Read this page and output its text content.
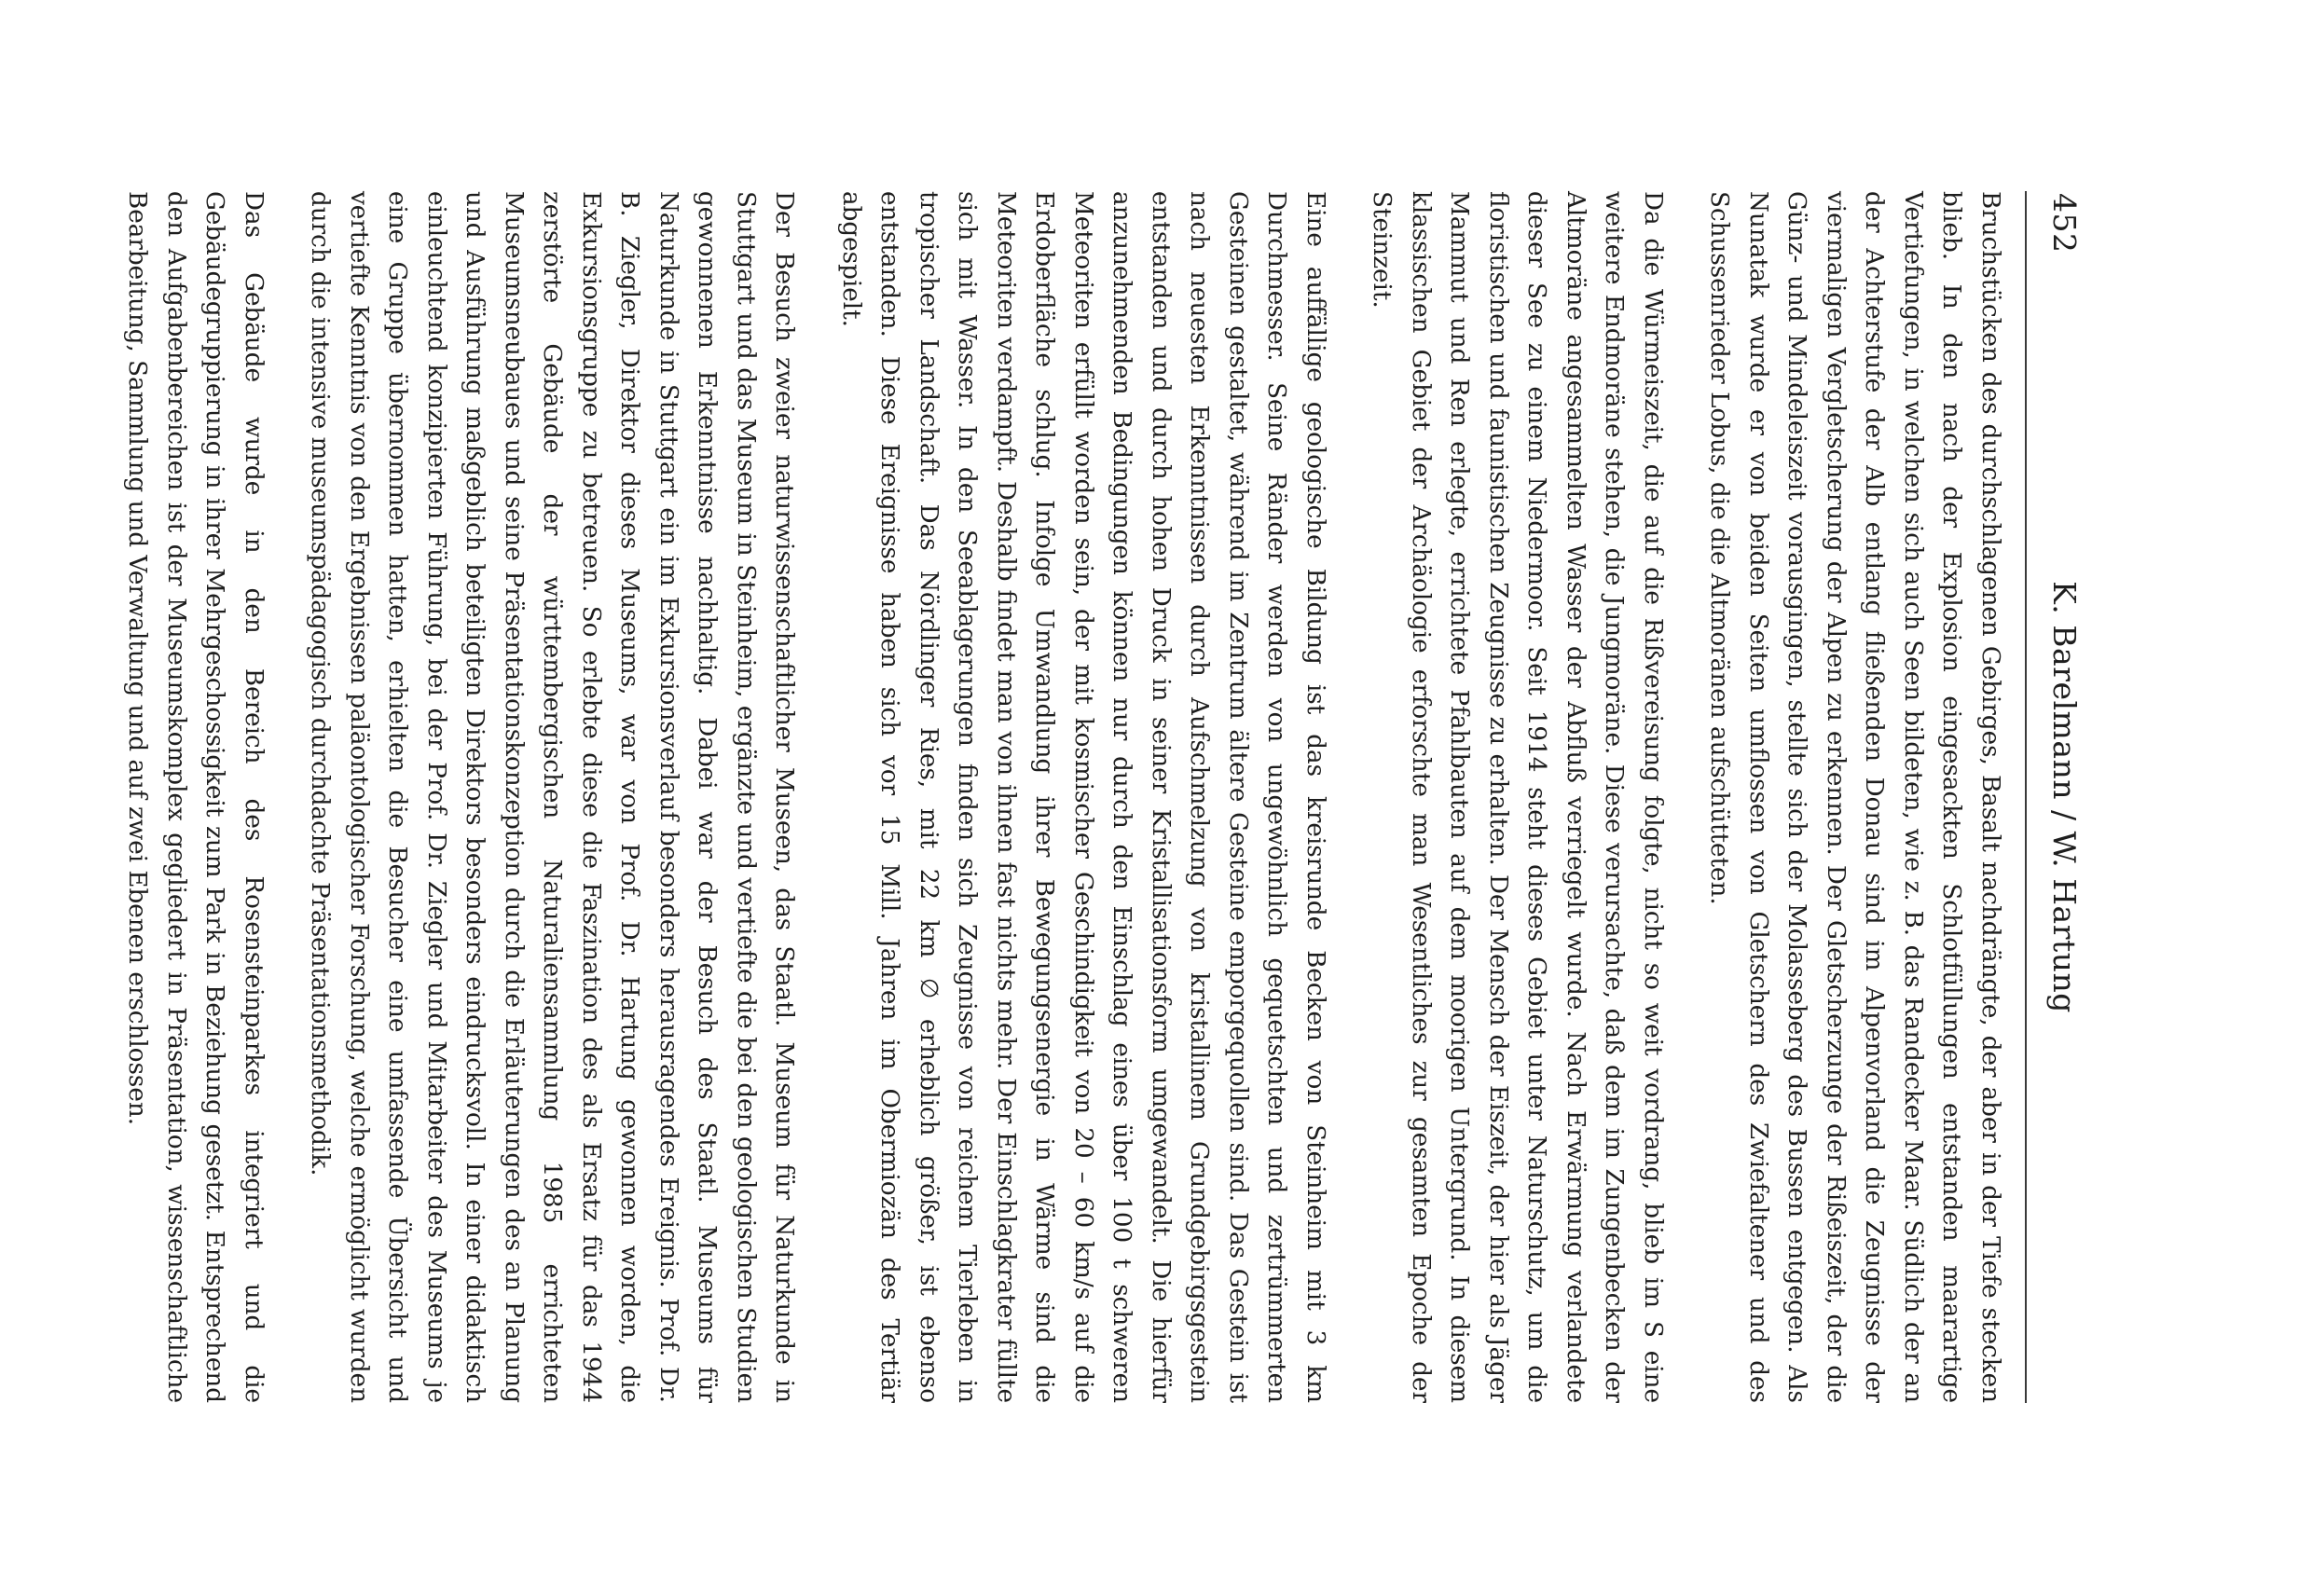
452
K. Barelmann / W. Hartung

Bruchstücken des durchschlagenen Gebirges, Basalt nachdrängte, der aber in der Tiefe stecken blieb. In den nach der Explosion eingesackten Schlotfüllungen entstanden maarartige Vertiefungen, in welchen sich auch Seen bildeten, wie z. B. das Randecker Maar. Südlich der an der Achterstufe der Alb entlang fließenden Donau sind im Alpenvorland die Zeugnisse der viermaligen Vergletscherung der Alpen zu erkennen. Der Gletscherzunge der Rißeiszeit, der die Günz- und Mindeleiszeit vorausgingen, stellte sich der Molasseberg des Bussen entgegen. Als Nunatak wurde er von beiden Seiten umflossen von Gletschern des Zwiefaltener und des Schussenrieder Lobus, die die Altmoränen aufschütteten.

Da die Würmeiszeit, die auf die Rißvereisung folgte, nicht so weit vordrang, blieb im S eine weitere Endmoräne stehen, die Jungmoräne. Diese verursachte, daß dem im Zungenbecken der Altmoräne angesammelten Wasser der Abfluß verriegelt wurde. Nach Erwärmung verlandete dieser See zu einem Niedermoor. Seit 1914 steht dieses Gebiet unter Naturschutz, um die floristischen und faunistischen Zeugnisse zu erhalten. Der Mensch der Eiszeit, der hier als Jäger Mammut und Ren erlegte, errichtete Pfahlbauten auf dem moorigen Untergrund. In diesem klassischen Gebiet der Archäologie erforschte man Wesentliches zur gesamten Epoche der Steinzeit.

Eine auffällige geologische Bildung ist das kreisrunde Becken von Steinheim mit 3 km Durchmesser. Seine Ränder werden von ungewöhnlich gequetschten und zertrümmerten Gesteinen gestaltet, während im Zentrum ältere Gesteine emporgequollen sind. Das Gestein ist nach neuesten Erkenntnissen durch Aufschmelzung von kristallinem Grundgebirgsgestein entstanden und durch hohen Druck in seiner Kristallisationsform umgewandelt. Die hierfür anzunehmenden Bedingungen können nur durch den Einschlag eines über 100 t schweren Meteoriten erfüllt worden sein, der mit kosmischer Geschindigkeit von 20 – 60 km/s auf die Erdoberfläche schlug. Infolge Umwandlung ihrer Bewegungsenergie in Wärme sind die Meteoriten verdampft. Deshalb findet man von ihnen fast nichts mehr. Der Einschlagkrater füllte sich mit Wasser. In den Seeablagerungen finden sich Zeugnisse von reichem Tierleben in tropischer Landschaft. Das Nördlinger Ries, mit 22 km ∅ erheblich größer, ist ebenso entstanden. Diese Ereignisse haben sich vor 15 Mill. Jahren im Obermiozän des Tertiär abgespielt.

Der Besuch zweier naturwissenschaftlicher Museen, das Staatl. Museum für Naturkunde in Stuttgart und das Museum in Steinheim, ergänzte und vertiefte die bei den geologischen Studien gewonnenen Erkenntnisse nachhaltig. Dabei war der Besuch des Staatl. Museums für Naturkunde in Stuttgart ein im Exkursionsverlauf besonders herausragendes Ereignis. Prof. Dr. B. Ziegler, Direktor dieses Museums, war von Prof. Dr. Hartung gewonnen worden, die Exkursionsgruppe zu betreuen. So erlebte diese die Faszination des als Ersatz für das 1944 zerstörte Gebäude der württembergischen Naturaliensammlung 1985 errichteten Museumsneubaues und seine Präsentationskonzeption durch die Erläuterungen des an Planung und Ausführung maßgeblich beteiligten Direktors besonders eindrucksvoll. In einer didaktisch einleuchtend konzipierten Führung, bei der Prof. Dr. Ziegler und Mitarbeiter des Museums je eine Gruppe übernommen hatten, erhielten die Besucher eine umfassende Übersicht und vertiefte Kenntnis von den Ergebnissen paläontologischer Forschung, welche ermöglicht wurden durch die intensive museumspädagogisch durchdachte Präsentationsmethodik.

Das Gebäude wurde in den Bereich des Rosensteinparkes integriert und die Gebäudegruppierung in ihrer Mehrgeschossigkeit zum Park in Beziehung gesetzt. Entsprechend den Aufgabenbereichen ist der Museumskomplex gegliedert in Präsentation, wissenschaftliche Bearbeitung, Sammlung und Verwaltung und auf zwei Ebenen erschlossen.
